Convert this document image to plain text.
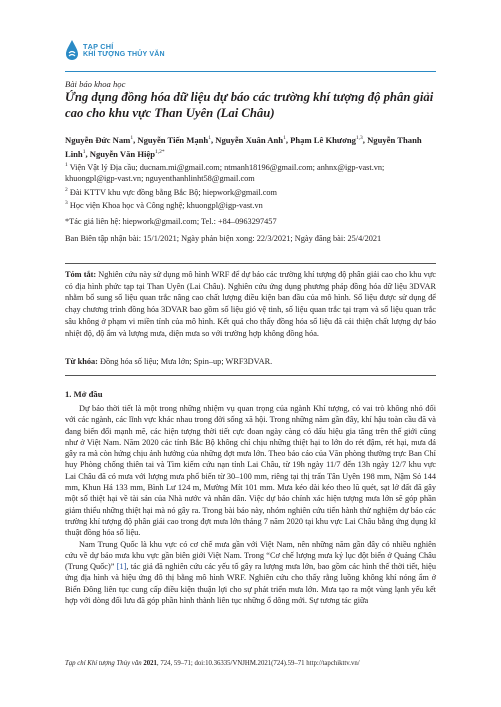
TẠP CHÍ
KHÍ TƯỢNG THỦY VĂN
Bài báo khoa học
Ứng dụng đồng hóa dữ liệu dự báo các trường khí tượng độ phân giải cao cho khu vực Than Uyên (Lai Châu)

Nguyễn Đức Nam$^1$, Nguyễn Tiến Mạnh$^1$, Nguyễn Xuân Anh$^1$, Phạm Lê Khương$^{1,3}$, Nguyễn Thanh Linh$^1$, Nguyễn Văn Hiệp$^{1,2*}$

$^1$ Viện Vật lý Địa cầu; ducnam.mi@gmail.com; ntmanh18196@gmail.com; anhnx@igp-vast.vn; khuongpl@igp-vast.vn; nguyenthanhlinht58@gmail.com

$^2$ Đài KTTV khu vực đồng bằng Bắc Bộ; hiepwork@gmail.com

$^3$ Học viện Khoa học và Công nghệ; khuongpl@igp-vast.vn

*Tác giả liên hệ: hiepwork@gmail.com; Tel.: +84–0963297457

Ban Biên tập nhận bài: 15/1/2021; Ngày phản biện xong: 22/3/2021; Ngày đăng bài: 25/4/2021

Tóm tắt: Nghiên cứu này sử dụng mô hình WRF để dự báo các trường khí tượng độ phân giải cao cho khu vực có địa hình phức tạp tại Than Uyên (Lai Châu). Nghiên cứu ứng dụng phương pháp đồng hóa dữ liệu 3DVAR nhằm bổ sung số liệu quan trắc nâng cao chất lượng điều kiện ban đầu của mô hình. Số liệu được sử dụng để chạy chương trình đồng hóa 3DVAR bao gồm số liệu gió vệ tinh, số liệu quan trắc tại trạm và số liệu quan trắc sâu không ở phạm vi miền tính của mô hình. Kết quả cho thấy đồng hóa số liệu đã cải thiện chất lượng dự báo nhiệt độ, độ ẩm và lượng mưa, diện mưa so với trường hợp không đồng hóa.

Từ khóa: Đồng hóa số liệu; Mưa lớn; Spin–up; WRF3DVAR.
1. Mở đầu

Dự báo thời tiết là một trong những nhiệm vụ quan trọng của ngành Khí tượng, có vai trò không nhỏ đối với các ngành, các lĩnh vực khác nhau trong đời sống xã hội. Trong những năm gần đây, khí hậu toàn cầu đã và đang biến đổi mạnh mẽ, các hiện tượng thời tiết cực đoan ngày càng có dấu hiệu gia tăng trên thế giới cũng như ở Việt Nam. Năm 2020 các tỉnh Bắc Bộ không chỉ chịu những thiệt hại to lớn do rét đậm, rét hại, mưa đá gây ra mà còn hứng chịu ảnh hưởng của những đợt mưa lớn. Theo báo cáo của Văn phòng thường trực Ban Chỉ huy Phòng chống thiên tai và Tìm kiếm cứu nạn tỉnh Lai Châu, từ 19h ngày 11/7 đến 13h ngày 12/7 khu vực Lai Châu đã có mưa với lượng mưa phổ biến từ 30–100 mm, riêng tại thị trấn Tân Uyên 198 mm, Nậm Sỏ 144 mm, Khun Há 133 mm, Bình Lư 124 m, Mường Mít 101 mm. Mưa kéo dài kéo theo lũ quét, sạt lở đất đã gây một số thiệt hại về tài sản của Nhà nước và nhân dân. Việc dự báo chính xác hiện tượng mưa lớn sẽ góp phần giảm thiểu những thiệt hại mà nó gây ra. Trong bài báo này, nhóm nghiên cứu tiến hành thử nghiệm dự báo các trường khí tượng độ phân giải cao trong đợt mưa lớn tháng 7 năm 2020 tại khu vực Lai Châu bằng ứng dụng kĩ thuật đồng hóa số liệu.

Nam Trung Quốc là khu vực có cơ chế mưa gần với Việt Nam, nên những năm gần đây có nhiều nghiên cứu về dự báo mưa khu vực gần biên giới Việt Nam. Trong “Cơ chế lượng mưa kỷ lục đột biến ở Quảng Châu (Trung Quốc)” [1], tác giả đã nghiên cứu các yếu tố gây ra lượng mưa lớn, bao gồm các hình thế thời tiết, hiệu ứng địa hình và hiệu ứng đô thị bằng mô hình WRF. Nghiên cứu cho thấy rằng luồng không khí nóng ẩm ở Biển Đông liên tục cung cấp điều kiện thuận lợi cho sự phát triển mưa lớn. Mưa tạo ra một vùng lạnh yếu kết hợp với dòng đối lưu đã góp phần hình thành liên tục những ổ dông mới. Sự tương tác giữa

Tạp chí Khí tượng Thủy văn 2021, 724, 59–71; doi:10.36335/VNJHM.2021(724).59–71 http://tapchikttv.vn/
